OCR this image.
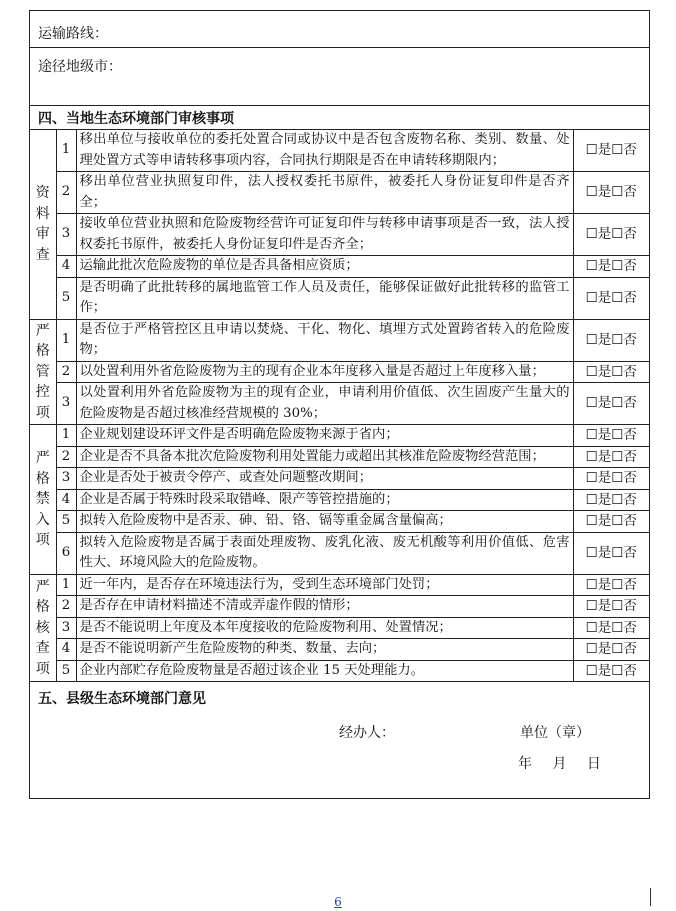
运输路线：
途径地级市：
四、当地生态环境部门审核事项
资料审查	1	移出单位与接收单位的委托处置合同或协议中是否包含废物名称、类别、数量、处理处置方式等申请转移事项内容，合同执行期限是否在申请转移期限内；	☐是☐否
	2	移出单位营业执照复印件，法人授权委托书原件，被委托人身份证复印件是否齐全；	☐是☐否
	3	接收单位营业执照和危险废物经营许可证复印件与转移申请事项是否一致，法人授权委托书原件，被委托人身份证复印件是否齐全；	☐是☐否
	4	运输此批次危险废物的单位是否具备相应资质；	☐是☐否
	5	是否明确了此批转移的属地监管工作人员及责任，能够保证做好此批转移的监管工作；	☐是☐否
严格管控项	1	是否位于严格管控区且申请以焚烧、干化、物化、填埋方式处置跨省转入的危险废物；	☐是☐否
	2	以处置利用外省危险废物为主的现有企业本年度移入量是否超过上年度移入量；	☐是☐否
	3	以处置利用外省危险废物为主的现有企业，申请利用价值低、次生固废产生量大的危险废物是否超过核准经营规模的 30%；	☐是☐否
严格禁入项	1	企业规划建设环评文件是否明确危险废物来源于省内；	☐是☐否
	2	企业是否不具备本批次危险废物利用处置能力或超出其核准危险废物经营范围；	☐是☐否
	3	企业是否处于被责令停产、或查处问题整改期间；	☐是☐否
	4	企业是否属于特殊时段采取错峰、限产等管控措施的；	☐是☐否
	5	拟转入危险废物中是否汞、砷、铅、铬、镉等重金属含量偏高；	☐是☐否
	6	拟转入危险废物是否属于表面处理废物、废乳化液、废无机酸等利用价值低、危害性大、环境风险大的危险废物。	☐是☐否
严格核查项	1	近一年内，是否存在环境违法行为，受到生态环境部门处罚；	☐是☐否
	2	是否存在申请材料描述不清或弄虚作假的情形；	☐是☐否
	3	是否不能说明上年度及本年度接收的危险废物利用、处置情况；	☐是☐否
	4	是否不能说明新产生危险废物的种类、数量、去向；	☐是☐否
	5	企业内部贮存危险废物量是否超过该企业 15 天处理能力。	☐是☐否
五、县级生态环境部门意见
经办人：	单位（章）
年 月 日
6
